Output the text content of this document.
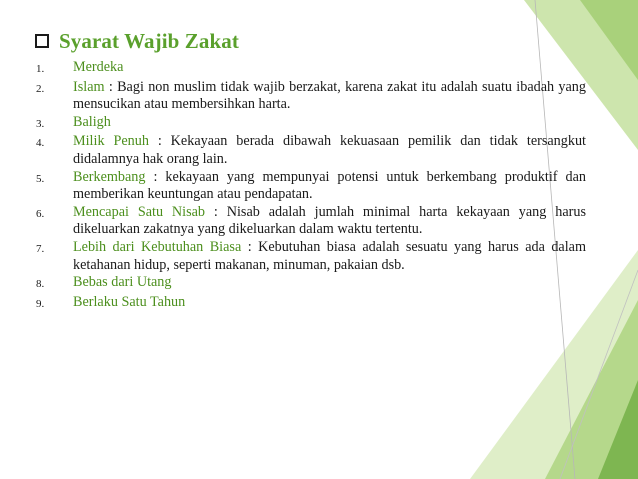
Syarat Wajib Zakat
1.	Merdeka
2.	Islam : Bagi non muslim tidak wajib berzakat, karena zakat itu adalah suatu ibadah yang mensucikan atau membersihkan harta.
3.	Baligh
4.	Milik Penuh : Kekayaan berada dibawah kekuasaan pemilik dan tidak tersangkut didalamnya hak orang lain.
5.	Berkembang : kekayaan yang mempunyai potensi untuk berkembang produktif dan memberikan keuntungan atau pendapatan.
6.	Mencapai Satu Nisab : Nisab adalah jumlah minimal harta kekayaan yang harus dikeluarkan zakatnya yang dikeluarkan dalam waktu tertentu.
7.	Lebih dari Kebutuhan Biasa : Kebutuhan biasa adalah sesuatu yang harus ada dalam ketahanan hidup, seperti makanan, minuman, pakaian dsb.
8.	Bebas dari Utang
9.	Berlaku Satu Tahun
